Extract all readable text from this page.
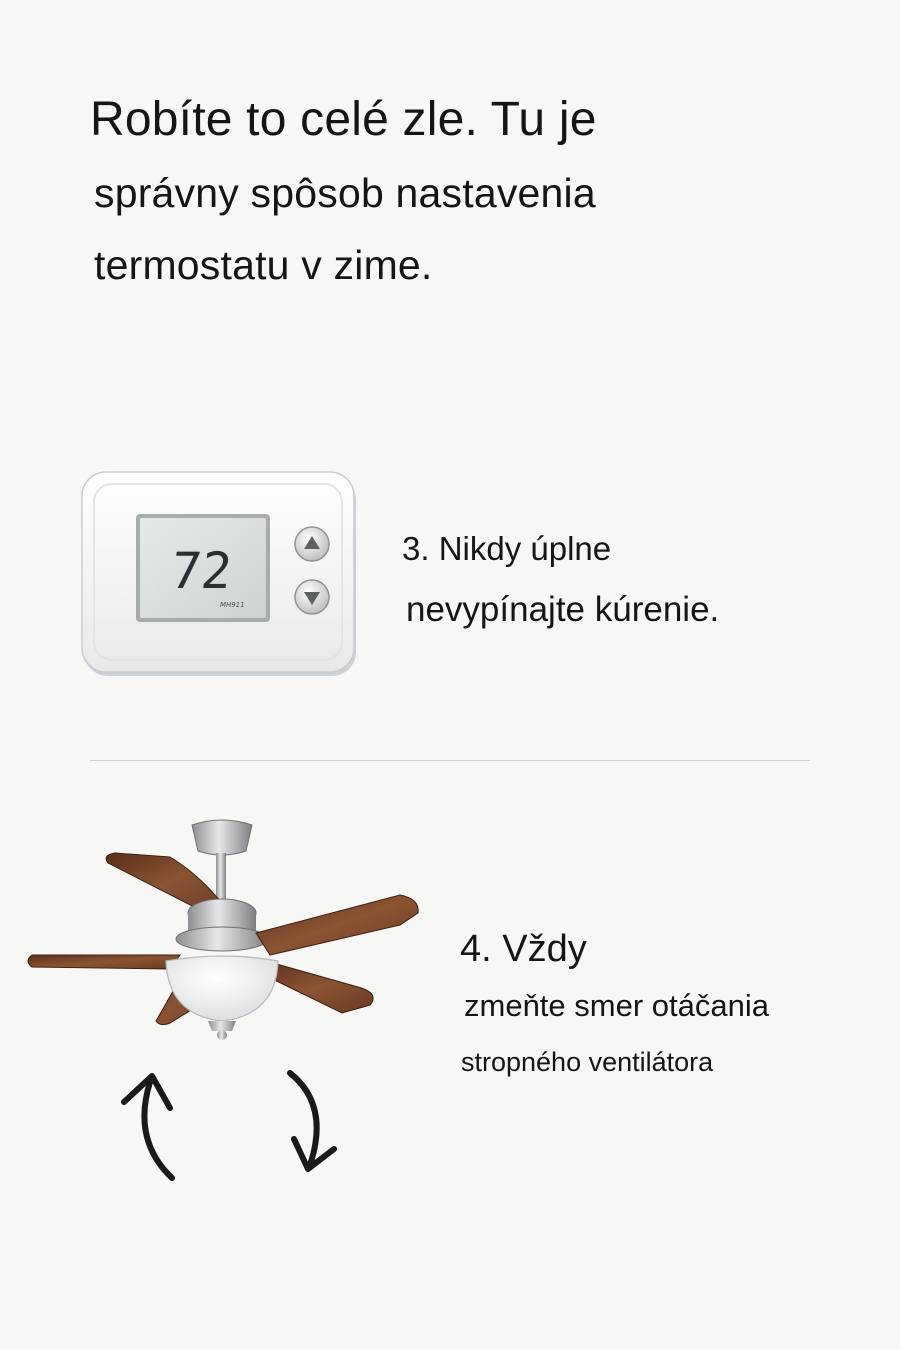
Robíte to celé zle. Tu je
správny spôsob nastavenia
termostatu v zime.
72
MH911

3. Nikdy úplne

nevypínajte kúrenie.

4. Vždy

zmeňte smer otáčania

stropného ventilátora
